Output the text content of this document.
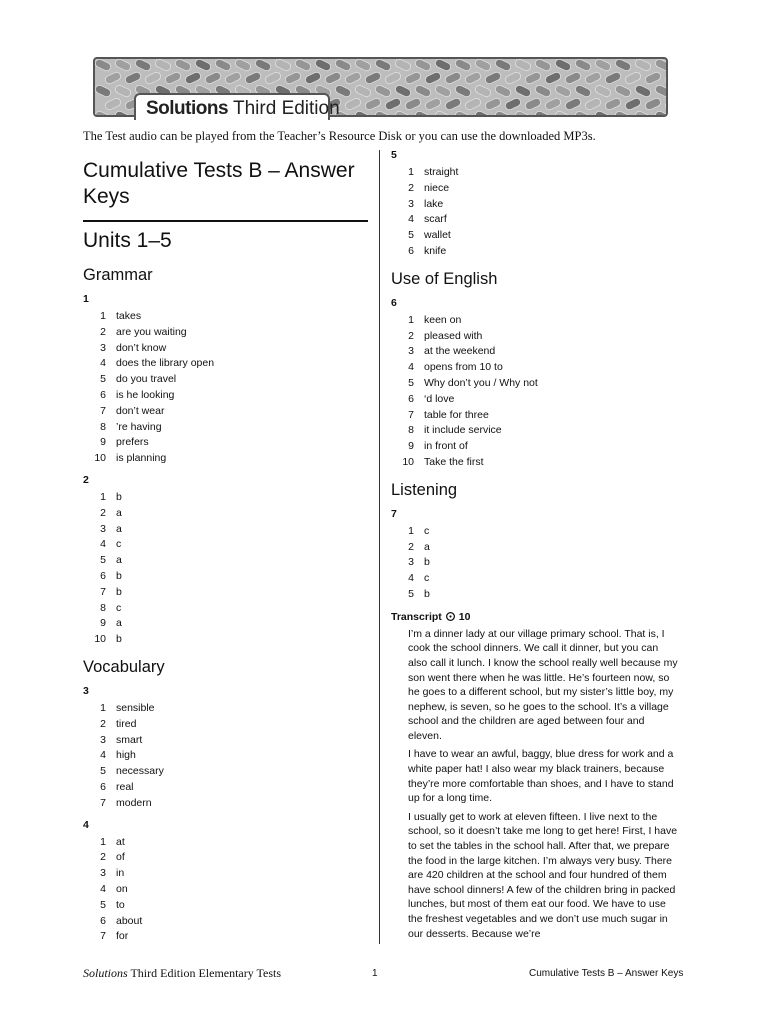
Solutions Third Edition
The Test audio can be played from the Teacher’s Resource Disk or you can use the downloaded MP3s.
Cumulative Tests B – Answer Keys
Units 1–5
Grammar
1
1 takes
2 are you waiting
3 don’t know
4 does the library open
5 do you travel
6 is he looking
7 don’t wear
8 ’re having
9 prefers
10 is planning
2
1 b
2 a
3 a
4 c
5 a
6 b
7 b
8 c
9 a
10 b
Vocabulary
3
1 sensible
2 tired
3 smart
4 high
5 necessary
6 real
7 modern
4
1 at
2 of
3 in
4 on
5 to
6 about
7 for
5
1 straight
2 niece
3 lake
4 scarf
5 wallet
6 knife
Use of English
6
1 keen on
2 pleased with
3 at the weekend
4 opens from 10 to
5 Why don’t you / Why not
6 ‘d love
7 table for three
8 it include service
9 in front of
10 Take the first
Listening
7
1 c
2 a
3 b
4 c
5 b
Transcript 10
I’m a dinner lady at our village primary school. That is, I cook the school dinners. We call it dinner, but you can also call it lunch. I know the school really well because my son went there when he was little. He’s fourteen now, so he goes to a different school, but my sister’s little boy, my nephew, is seven, so he goes to the school. It’s a village school and the children are aged between four and eleven.
I have to wear an awful, baggy, blue dress for work and a white paper hat! I also wear my black trainers, because they’re more comfortable than shoes, and I have to stand up for a long time.
I usually get to work at eleven fifteen. I live next to the school, so it doesn’t take me long to get here! First, I have to set the tables in the school hall. After that, we prepare the food in the large kitchen. I’m always very busy. There are 420 children at the school and four hundred of them have school dinners! A few of the children bring in packed lunches, but most of them eat our food. We have to use the freshest vegetables and we don’t use much sugar in our desserts. Because we’re
Solutions Third Edition Elementary Tests	1	Cumulative Tests B – Answer Keys
